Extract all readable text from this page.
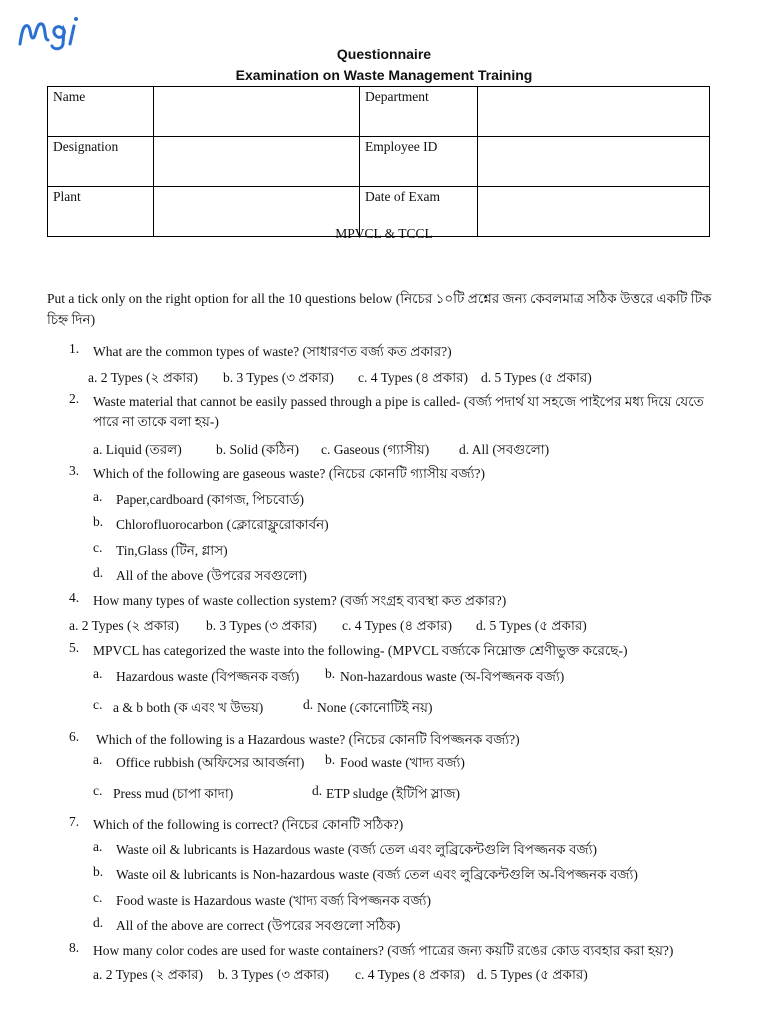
Questionnaire
Examination on Waste Management Training
Name		Department	
Designation		Employee ID	
Plant		Date of Exam	
MPVCL & TCCL
Put a tick only on the right option for all the 10 questions below (নিচের ১০টি প্রশ্নের জন্য কেবলমাত্র সঠিক উত্তরে একটি টিক
চিহ্ন দিন)
1. What are the common types of waste? (সাধারণত বর্জ্য কত প্রকার?)
a. 2 Types (২ প্রকার) b. 3 Types (৩ প্রকার) c. 4 Types (৪ প্রকার) d. 5 Types (৫ প্রকার)
2. Waste material that cannot be easily passed through a pipe is called- (বর্জ্য পদার্থ যা সহজে পাইপের মধ্য দিয়ে যেতে
পারে না তাকে বলা হয়-)
a. Liquid (তরল)	b. Solid (কঠিন) c. Gaseous (গ্যাসীয়) d. All (সবগুলো)
3. Which of the following are gaseous waste? (নিচের কোনটি গ্যাসীয় বর্জ্য?)
a. Paper,cardboard (কাগজ, পিচবোর্ড)
b. Chlorofluorocarbon (ক্লোরোফ্লুরোকার্বন)
c. Tin,Glass (টিন, গ্লাস)
d. All of the above (উপরের সবগুলো)
4. How many types of waste collection system? (বর্জ্য সংগ্রহ ব্যবস্থা কত প্রকার?)
a. 2 Types (২ প্রকার) b. 3 Types (৩ প্রকার) c. 4 Types (৪ প্রকার) d. 5 Types (৫ প্রকার)
5. MPVCL has categorized the waste into the following- (MPVCL বর্জ্যকে নিম্নোক্ত শ্রেণীভুক্ত করেছে-)
a. Hazardous waste (বিপজ্জনক বর্জ্য) b. Non-hazardous waste (অ-বিপজ্জনক বর্জ্য)
c. a & b both (ক এবং খ উভয়)	d. None (কোনোটিই নয়)
6. Which of the following is a Hazardous waste? (নিচের কোনটি বিপজ্জনক বর্জ্য?)
a. Office rubbish (অফিসের আবর্জনা) b. Food waste (খাদ্য বর্জ্য)
c. Press mud (চাপা কাদা)	d. ETP sludge (ইটিপি স্লাজ)
7. Which of the following is correct? (নিচের কোনটি সঠিক?)
a. Waste oil & lubricants is Hazardous waste (বর্জ্য তেল এবং লুব্রিকেন্টগুলি বিপজ্জনক বর্জ্য)
b. Waste oil & lubricants is Non-hazardous waste (বর্জ্য তেল এবং লুব্রিকেন্টগুলি অ-বিপজ্জনক বর্জ্য)
c. Food waste is Hazardous waste (খাদ্য বর্জ্য বিপজ্জনক বর্জ্য)
d. All of the above are correct (উপরের সবগুলো সঠিক)
8. How many color codes are used for waste containers? (বর্জ্য পাত্রের জন্য কয়টি রঙের কোড ব্যবহার করা হয়?)
a. 2 Types (২ প্রকার) b. 3 Types (৩ প্রকার) c. 4 Types (৪ প্রকার) d. 5 Types (৫ প্রকার)
